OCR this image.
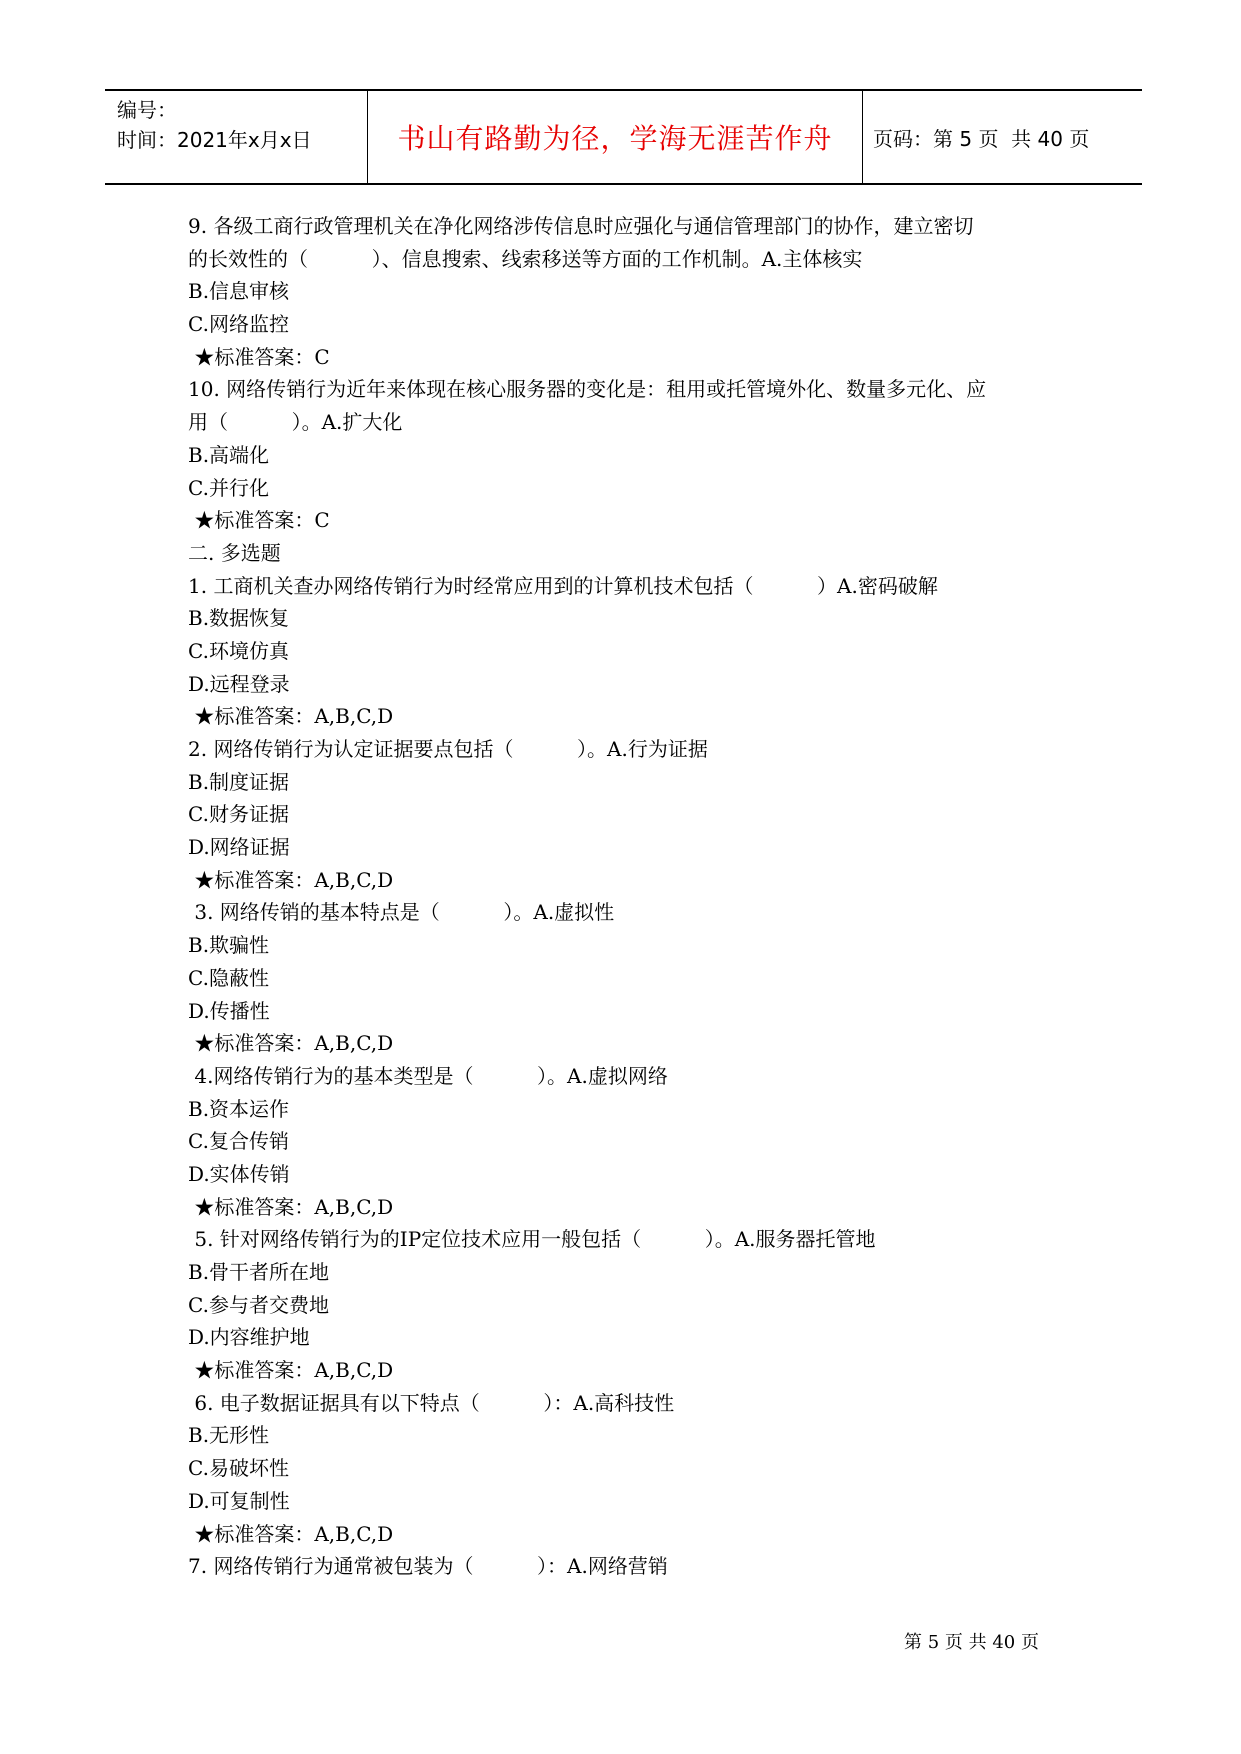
编号：
时间：2021年x月x日	书山有路勤为径，学海无涯苦作舟	页码：第 5 页  共 40 页
9. 各级工商行政管理机关在净化网络涉传信息时应强化与通信管理部门的协作，建立密切
的长效性的（          ）、信息搜索、线索移送等方面的工作机制。A.主体核实
B.信息审核
C.网络监控
★标准答案：C
10. 网络传销行为近年来体现在核心服务器的变化是：租用或托管境外化、数量多元化、应
用（          ）。A.扩大化
B.高端化
C.并行化
★标准答案：C
二. 多选题
1. 工商机关查办网络传销行为时经常应用到的计算机技术包括（          ）A.密码破解
B.数据恢复
C.环境仿真
D.远程登录
★标准答案：A,B,C,D
2. 网络传销行为认定证据要点包括（          ）。A.行为证据
B.制度证据
C.财务证据
D.网络证据
★标准答案：A,B,C,D
3. 网络传销的基本特点是（          ）。A.虚拟性
B.欺骗性
C.隐蔽性
D.传播性
★标准答案：A,B,C,D
4.网络传销行为的基本类型是（          ）。A.虚拟网络
B.资本运作
C.复合传销
D.实体传销
★标准答案：A,B,C,D
5. 针对网络传销行为的IP定位技术应用一般包括（          ）。A.服务器托管地
B.骨干者所在地
C.参与者交费地
D.内容维护地
★标准答案：A,B,C,D
6. 电子数据证据具有以下特点（          ）：A.高科技性
B.无形性
C.易破坏性
D.可复制性
★标准答案：A,B,C,D
7. 网络传销行为通常被包装为（          ）：A.网络营销
第 5 页 共 40 页
